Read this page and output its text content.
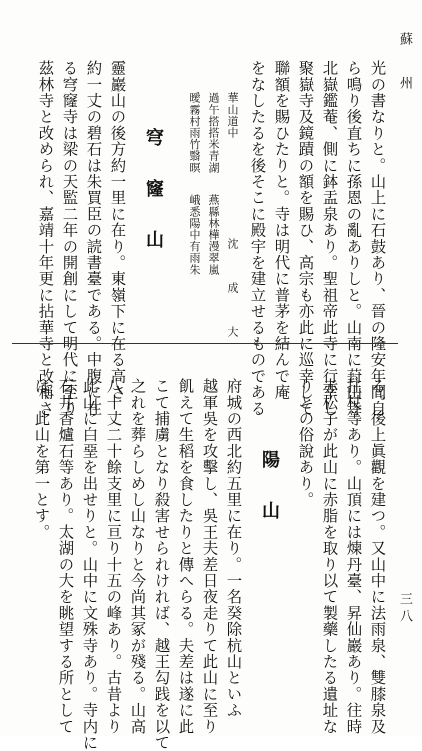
蘇 州
三八
光の書なりと。山上に石鼓あり、晉の隆安年間自
ら鳴り後直ちに孫恩の亂ありしと。山南に葑山寺
北嶽鑑菴、側に鉢盂泉あり。聖祖帝此寺に行幸し
聚嶽寺及鏡蹟の額を賜ひ、高宗も亦此に巡幸して
聯額を賜ひたりと。寺は明代に普茅を結んで庵
をなしたるを後そこに殿宇を建立せるものである
華山道中
沈 成 大
過午搭搭米青湖
燕縣林樺漫翠嵐
曖霧村雨竹翳暝
峨悉陽中有雨朱
穹 窿 山
靈巖山の後方約一里に在り。東嶺下に在る高さ
約一丈の碧石は朱買臣の読書臺である。中腹に在
る穹窿寺は梁の天監二年の開創にして明代に至り
茲林寺と改められ、嘉靖十年更に拈華寺と改稱さ
る。後上眞觀を建つ。又山中に法雨泉、雙膝泉及
拄杖等あり。山頂には煉丹臺、昇仙巖あり。往時
赤松子が此山に赤脂を取り以て製藥したる遺址な
りとの俗說あり。
陽 山
府城の西北約五里に在り。一名癸除杭山といふ
越軍吳を攻擊し、吳王夫差日夜走りて此山に至り
飢えて生稻を食したりと傳へらる。夫差は遂に此
こて捕虜となり殺害せられければ、越王勾践を以て
之れを葬らしめし山なりと今尚其冢が殘る。山高
八十丈二十餘支里に亘り十五の峰あり。古昔より
此山に白堊を出せりと。山中に文殊寺あり。寺内に
石井香爐石等あり。太湖の大を眺望する所として
は、此山を第一とす。
